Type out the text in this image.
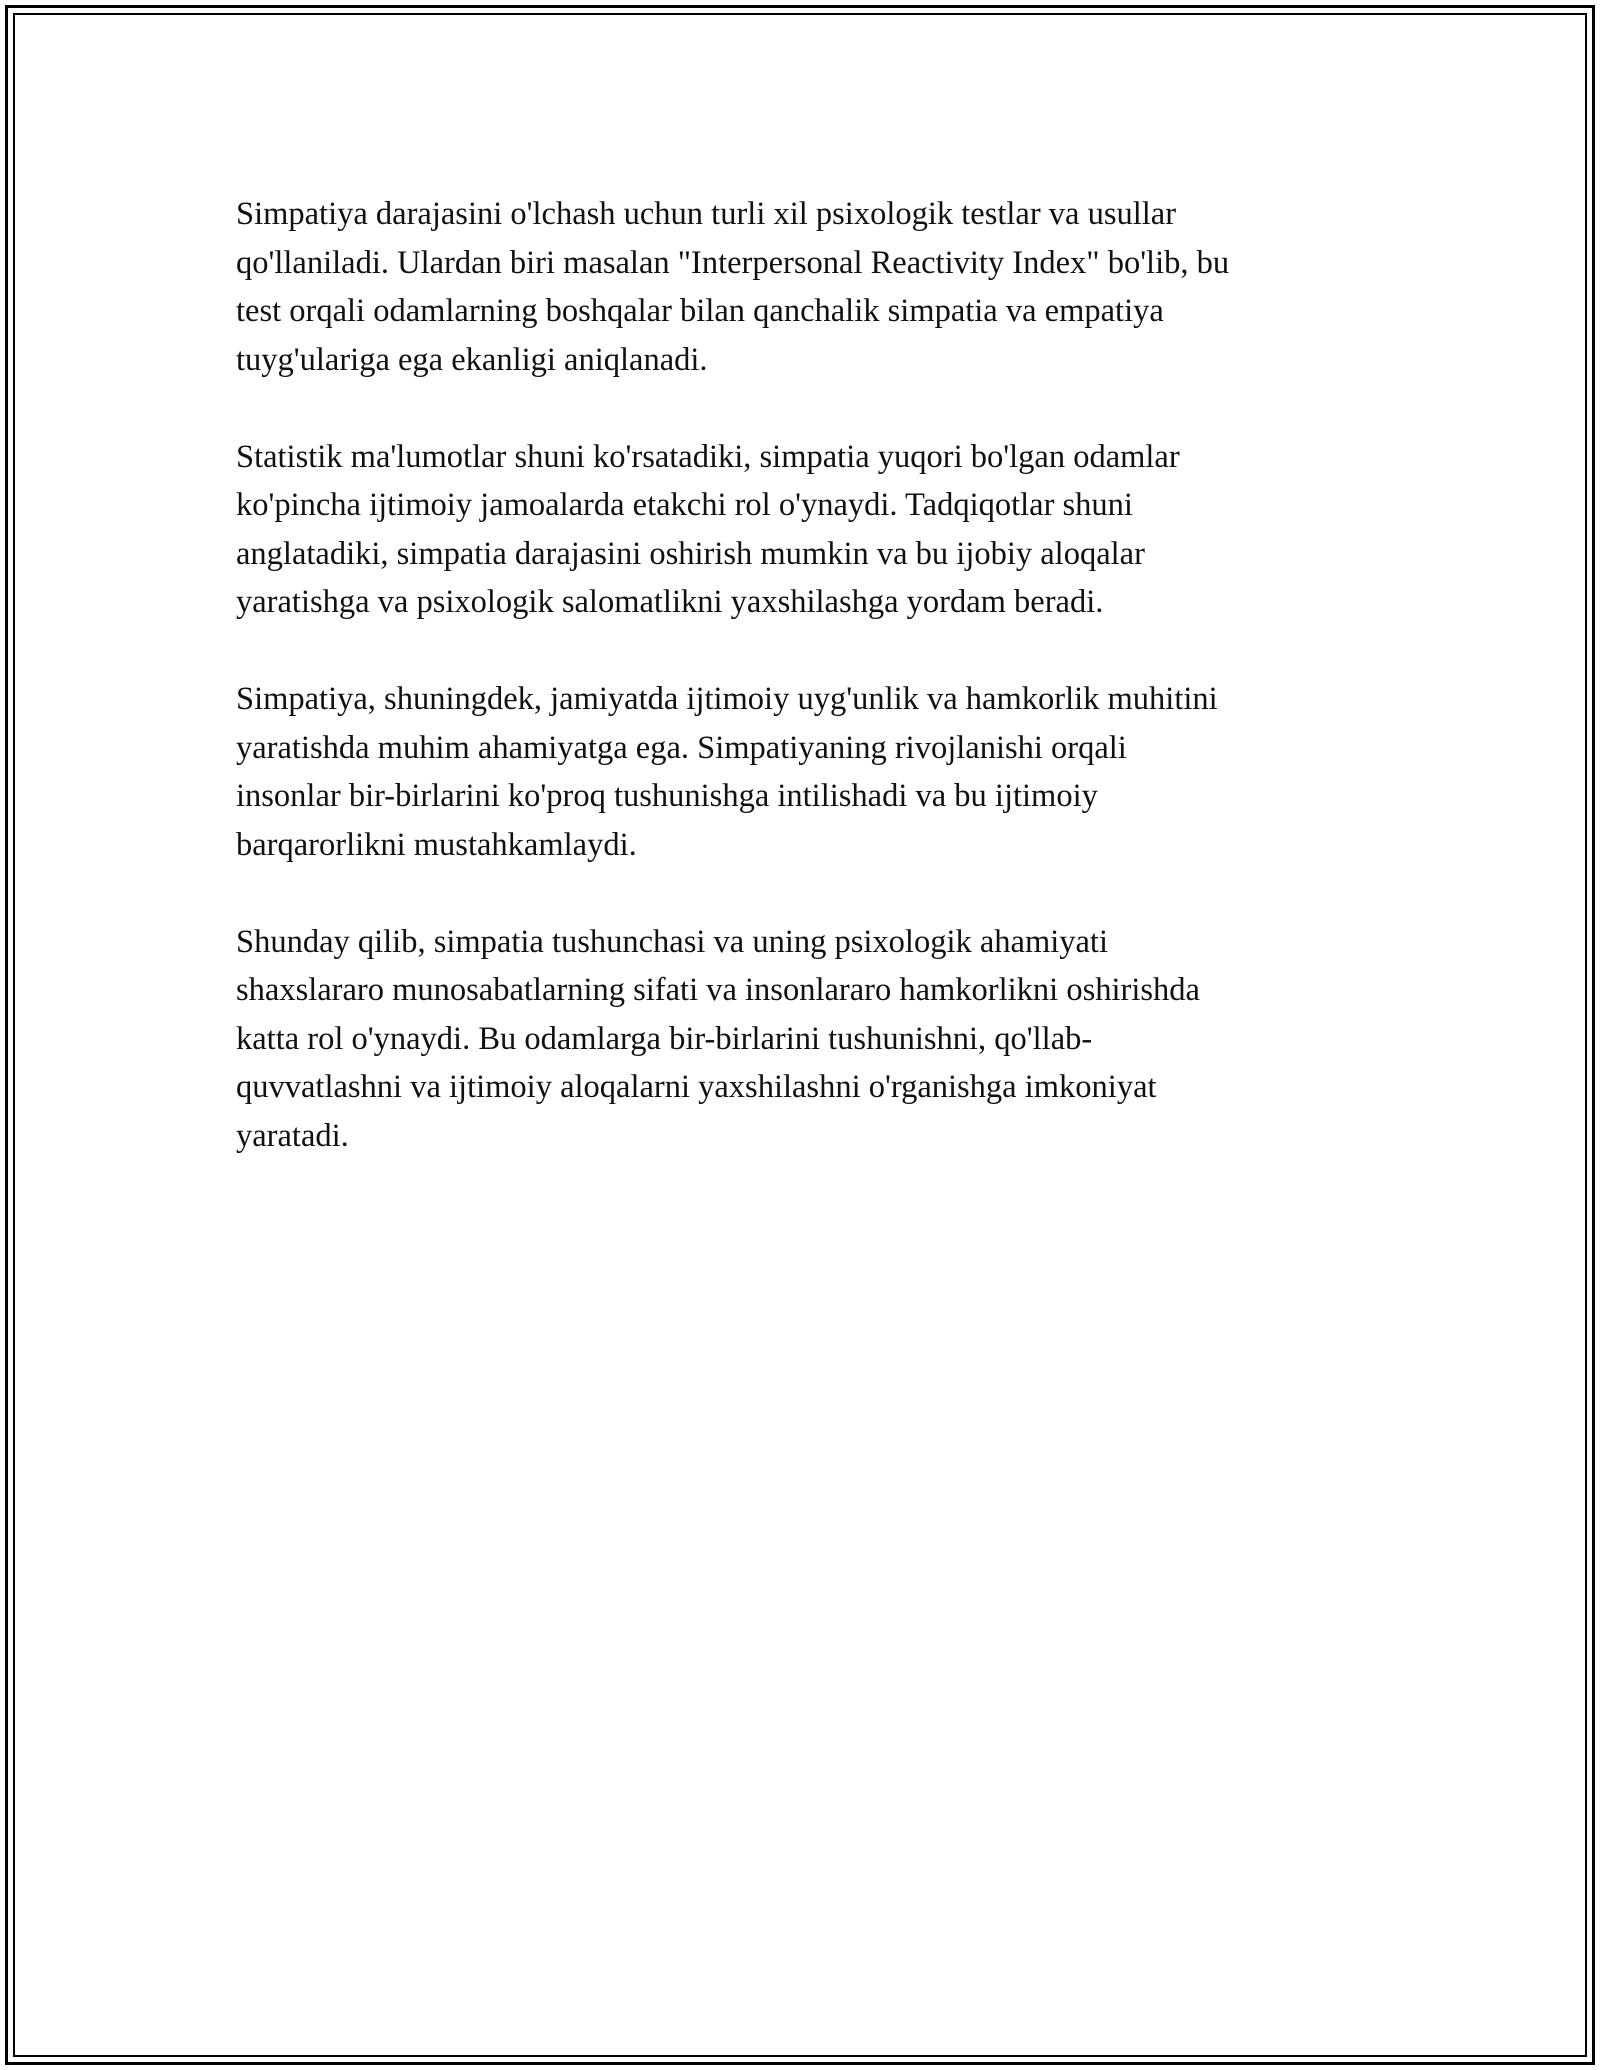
Simpatiya darajasini o'lchash uchun turli xil psixologik testlar va usullar
qo'llaniladi. Ulardan biri masalan "Interpersonal Reactivity Index" bo'lib, bu
test orqali odamlarning boshqalar bilan qanchalik simpatia va empatiya
tuyg'ulariga ega ekanligi aniqlanadi.

Statistik ma'lumotlar shuni ko'rsatadiki, simpatia yuqori bo'lgan odamlar
ko'pincha ijtimoiy jamoalarda etakchi rol o'ynaydi. Tadqiqotlar shuni
anglatadiki, simpatia darajasini oshirish mumkin va bu ijobiy aloqalar
yaratishga va psixologik salomatlikni yaxshilashga yordam beradi.

Simpatiya, shuningdek, jamiyatda ijtimoiy uyg'unlik va hamkorlik muhitini
yaratishda muhim ahamiyatga ega. Simpatiyaning rivojlanishi orqali
insonlar bir-birlarini ko'proq tushunishga intilishadi va bu ijtimoiy
barqarorlikni mustahkamlaydi.

Shunday qilib, simpatia tushunchasi va uning psixologik ahamiyati
shaxslararo munosabatlarning sifati va insonlararo hamkorlikni oshirishda
katta rol o'ynaydi. Bu odamlarga bir-birlarini tushunishni, qo'llab-
quvvatlashni va ijtimoiy aloqalarni yaxshilashni o'rganishga imkoniyat
yaratadi.
